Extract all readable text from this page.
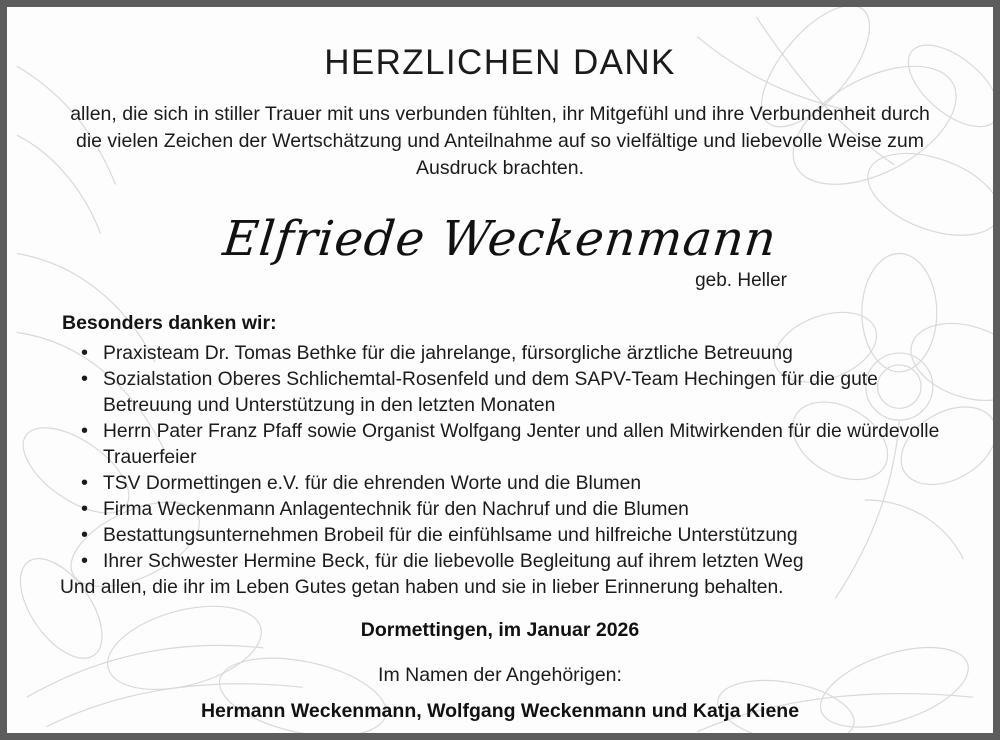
HERZLICHEN DANK

allen, die sich in stiller Trauer mit uns verbunden fühlten, ihr Mitgefühl und ihre Verbundenheit durch die vielen Zeichen der Wertschätzung und Anteilnahme auf so vielfältige und liebevolle Weise zum Ausdruck brachten.

Elfriede Weckenmann
geb. Heller
Besonders danken wir:
• Praxisteam Dr. Tomas Bethke für die jahrelange, fürsorgliche ärztliche Betreuung
• Sozialstation Oberes Schlichemtal-Rosenfeld und dem SAPV-Team Hechingen für die gute Betreuung und Unterstützung in den letzten Monaten
• Herrn Pater Franz Pfaff sowie Organist Wolfgang Jenter und allen Mitwirkenden für die würdevolle Trauerfeier
• TSV Dormettingen e.V. für die ehrenden Worte und die Blumen
• Firma Weckenmann Anlagentechnik für den Nachruf und die Blumen
• Bestattungsunternehmen Brobeil für die einfühlsame und hilfreiche Unterstützung
• Ihrer Schwester Hermine Beck, für die liebevolle Begleitung auf ihrem letzten Weg
Und allen, die ihr im Leben Gutes getan haben und sie in lieber Erinnerung behalten.
Dormettingen, im Januar 2026
Im Namen der Angehörigen:
Hermann Weckenmann, Wolfgang Weckenmann und Katja Kiene
